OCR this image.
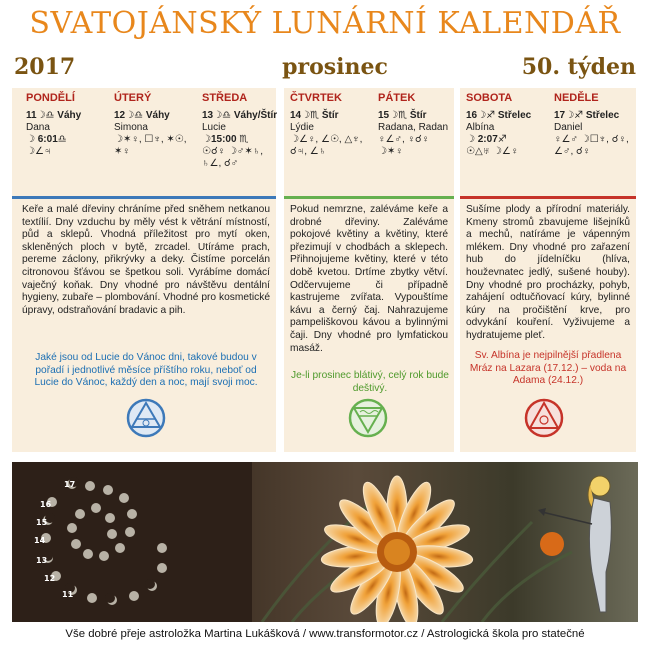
SVATOJÁNSKÝ LUNÁRNÍ KALENDÁŘ
2017	prosinec	50. týden
PONDĚLÍ
11☽♎ Váhy
Dana
☽ 6:01♎
☽∠♃
ÚTERÝ
12☽♎ Váhy
Simona
☽✶♀, ☐♆, ✶☉, ✶♀
STŘEDA
13☽♎ Váhy/Štír
Lucie
☽15:00 ♏
☉☌♀ ☽♂✶♄, ♄∠, ☌♂
ČTVRTEK
14☽♏ Štír
Lýdie
☽∠♀, ∠☉, △♆, ☌♃, ∠♄
PÁTEK
15☽♏ Štír
Radana, Radan
♀∠♂, ♀☌♀ ☽✶♀
SOBOTA
16☽♐ Střelec
Albína
☽ 2:07♐
☉△♅ ☽∠♀
NEDĚLE
17☽♐ Střelec
Daniel
♀∠♂ ☽☐♆, ☌♀, ∠♂, ☌♀

Keře a malé dřeviny chráníme před sněhem netkanou textílií. Dny vzduchu by měly vést k větrání místností, půd a sklepů. Vhodná příležitost pro mytí oken, skleněných ploch v bytě, zrcadel. Utíráme prach, pereme záclony, přikrývky a deky. Čistíme porcelán citronovou šťávou se špetkou soli. Vyrábíme domácí vaječný koňak. Dny vhodné pro návštěvu dentální hygieny, zubaře – plombování. Vhodné pro kosmetické úpravy, odstraňování bradavic a pih.

Pokud nemrzne, zaléváme keře a drobné dřeviny. Zaléváme pokojové květiny a květiny, které přezimují v chodbách a sklepech. Přihnojujeme květiny, které v této době kvetou. Drtíme zbytky větví. Odčervujeme či případně kastrujeme zvířata. Vypouštíme kávu a černý čaj. Nahrazujeme pampeliškovou kávou a bylinnými čaji. Dny vhodné pro lymfatickou masáž.

Sušíme plody a přírodní materiály. Kmeny stromů zbavujeme lišejníků a mechů, natíráme je vápenným mlékem. Dny vhodné pro zařazení hub do jídelníčku (hlíva, houževnatec jedlý, sušené houby). Dny vhodné pro procházky, pohyb, zahájení odtučňovací kúry, bylinné kúry na pročištění krve, pro odvykání kouření. Vyživujeme a hydratujeme pleť.

Jaké jsou od Lucie do Vánoc dni, takové budou v pořadí i jednotlivé měsíce příštího roku, neboť od Lucie do Vánoc, každý den a noc, mají svoji moc.
Je-li prosinec blátivý, celý rok bude deštivý.
Sv. Albína je nejpilnější přadlena Mráz na Lazara (17.12.) – voda na Adama (24.12.)
17
16
15
14
13
12
11
Vše dobré přeje astroložka Martina Lukášková / www.transformotor.cz / Astrologická škola pro statečné
